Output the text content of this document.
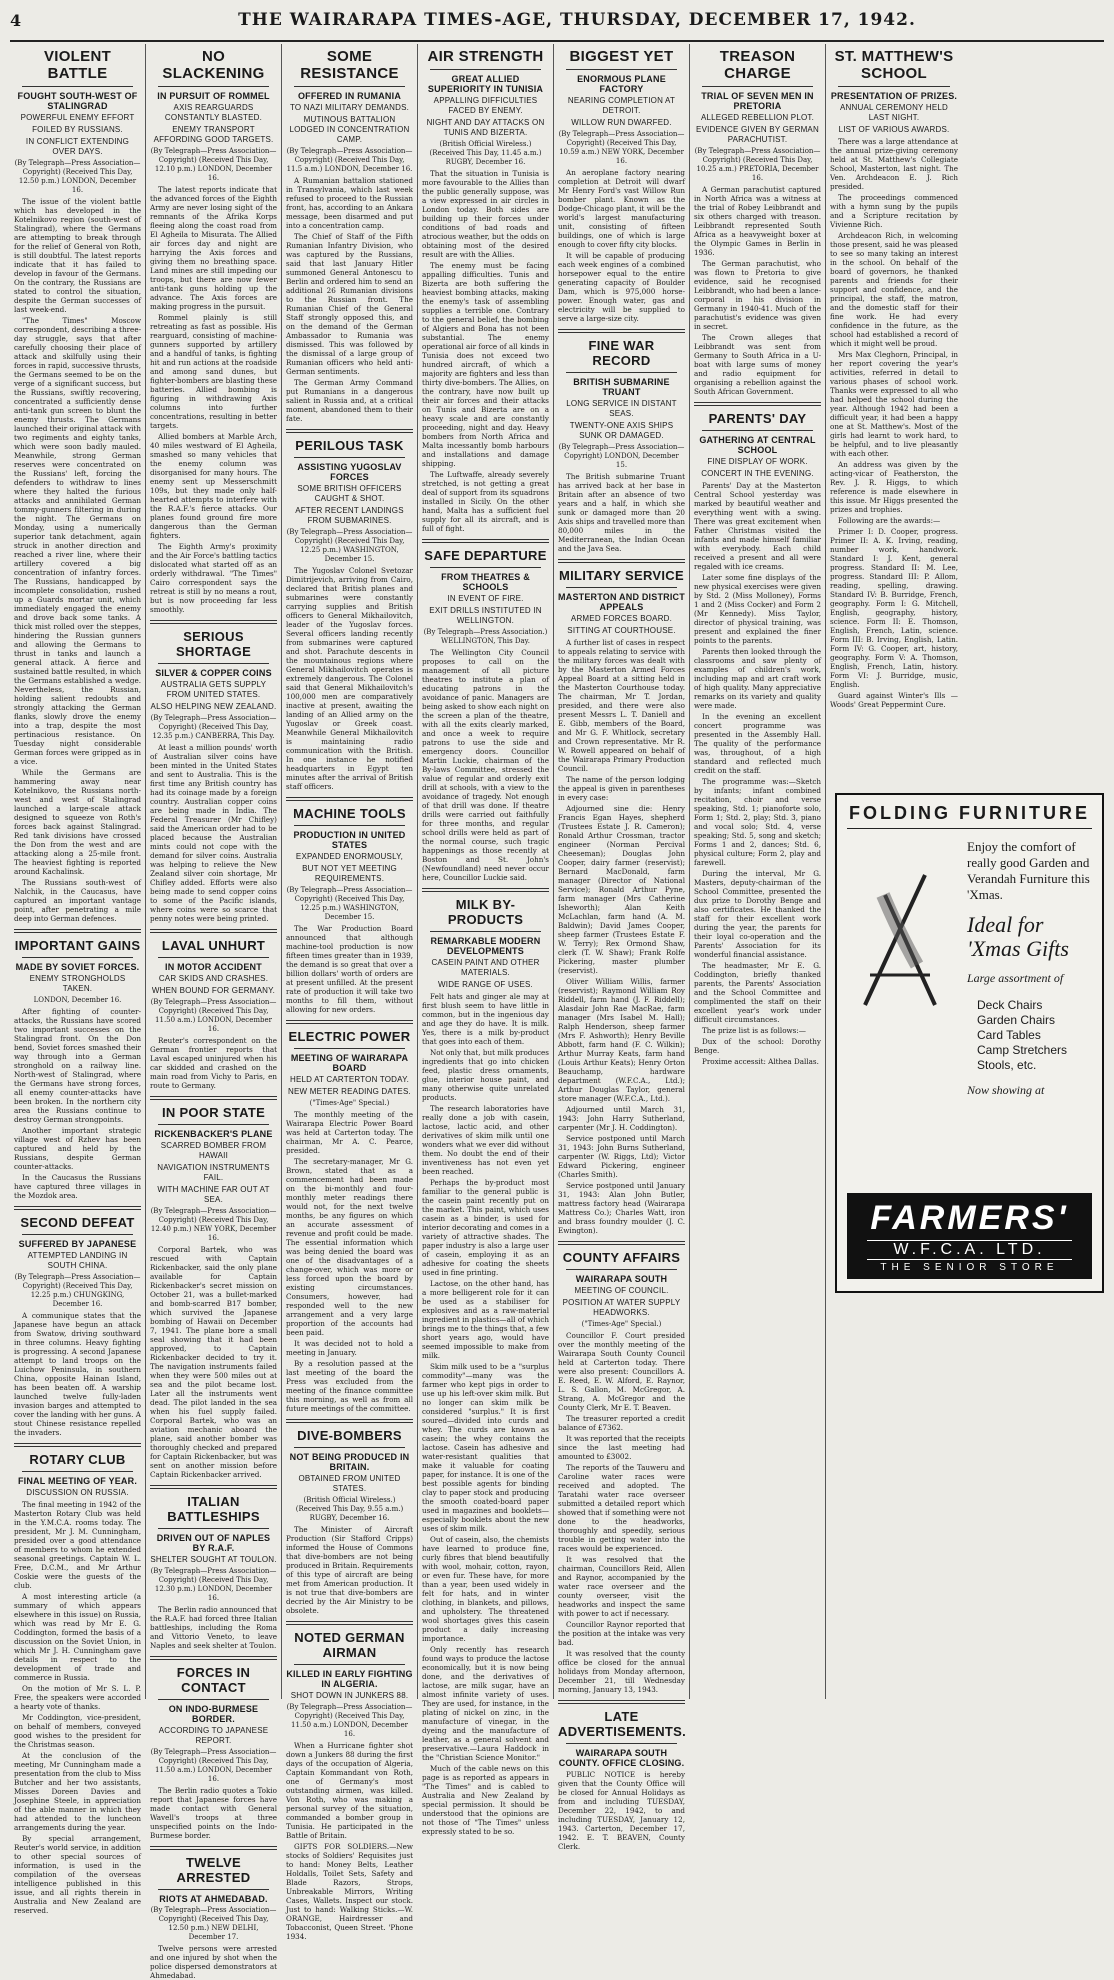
4	THE WAIRARAPA TIMES-AGE, THURSDAY, DECEMBER 17, 1942.
VIOLENT BATTLE
FOUGHT SOUTH-WEST OF STALINGRAD
POWERFUL ENEMY EFFORT
FOILED BY RUSSIANS.
IN CONFLICT EXTENDING OVER DAYS.
(By Telegraph—Press Association—Copyright) (Received This Day, 12.50 p.m.) LONDON, December 16.

The issue of the violent battle which has developed in the Kotelnikovo region (south-west of Stalingrad), where the Germans are attempting to break through for the relief of General von Roth, is still doubtful. The latest reports indicate that it has failed to develop in favour of the Germans. On the contrary, the Russians are stated to control the situation, despite the German successes of last week-end.

"The Times" Moscow correspondent, describing a three-day struggle, says that after carefully choosing their place of attack and skilfully using their forces in rapid, successive thrusts, the Germans seemed to be on the verge of a significant success, but the Russians, swiftly recovering, concentrated a sufficiently dense anti-tank gun screen to blunt the enemy thrusts. The Germans launched their original attack with two regiments and eighty tanks, which were soon badly mauled. Meanwhile, strong German reserves were concentrated on the Russians' left, forcing the defenders to withdraw to lines where they halted the furious attacks and annihilated German tommy-gunners filtering in during the night. The Germans on Monday, using a numerically superior tank detachment, again struck in another direction and reached a river line, where their artillery covered a big concentration of infantry forces. The Russians, handicapped by incomplete consolidation, rushed up a Guards mortar unit, which immediately engaged the enemy and drove back some tanks. A thick mist rolled over the steppes, hindering the Russian gunners and allowing the Germans to thrust in tanks and launch a general attack. A fierce and sustained battle resulted, in which the Germans established a wedge. Nevertheless, the Russian, holding salient redoubts and strongly attacking the German flanks, slowly drove the enemy into a trap, despite the most pertinacious resistance. On Tuesday night considerable German forces were gripped as in a vice.

While the Germans are hammering away near Kotelnikovo, the Russians north-west and west of Stalingrad launched a large-scale attack designed to squeeze von Roth's forces back against Stalingrad. Red tank divisions have crossed the Don from the west and are attacking along a 25-mile front. The heaviest fighting is reported around Kachalinsk.

The Russians south-west of Nalchik, in the Caucasus, have captured an important vantage point, after penetrating a mile deep into German defences.

IMPORTANT GAINS
MADE BY SOVIET FORCES.
ENEMY STRONGHOLDS TAKEN.
LONDON, December 16.

After fighting of counter-attacks, the Russians have scored two important successes on the Stalingrad front. On the Don bend, Soviet forces smashed their way through into a German stronghold on a railway line. North-west of Stalingrad, where the Germans have strong forces, all enemy counter-attacks have been broken. In the northern city area the Russians continue to destroy German strongpoints.

Another important strategic village west of Rzhev has been captured and held by the Russians, despite German counter-attacks.

In the Caucasus the Russians have captured three villages in the Mozdok area.

SECOND DEFEAT
SUFFERED BY JAPANESE
ATTEMPTED LANDING IN SOUTH CHINA.
(By Telegraph—Press Association—Copyright) (Received This Day, 12.25 p.m.) CHUNGKING, December 16.

A communique states that the Japanese have begun an attack from Swatow, driving southward in three columns. Heavy fighting is progressing. A second Japanese attempt to land troops on the Luichow Peninsula, in southern China, opposite Hainan Island, has been beaten off. A warship launched twelve fully-laden invasion barges and attempted to cover the landing with her guns. A stout Chinese resistance repelled the invaders.

ROTARY CLUB
FINAL MEETING OF YEAR.
DISCUSSION ON RUSSIA.

The final meeting in 1942 of the Masterton Rotary Club was held in the Y.M.C.A. rooms today. The president, Mr J. M. Cunningham, presided over a good attendance of members to whom he extended seasonal greetings. Captain W. L. Free, D.C.M., and Mr Arthur Coskie were the guests of the club.

A most interesting article (a summary of which appears elsewhere in this issue) on Russia, which was read by Mr E. G. Coddington, formed the basis of a discussion on the Soviet Union, in which Mr J. H. Cunningham gave details in respect to the development of trade and commerce in Russia.

On the motion of Mr S. L. P. Free, the speakers were accorded a hearty vote of thanks.

Mr Coddington, vice-president, on behalf of members, conveyed good wishes to the president for the Christmas season.

At the conclusion of the meeting, Mr Cunningham made a presentation from the club to Miss Butcher and her two assistants, Misses Doreen Davies and Josephine Steele, in appreciation of the able manner in which they had attended to the luncheon arrangements during the year.

By special arrangement, Reuter's world service, in addition to other special sources of information, is used in the compilation of the overseas intelligence published in this issue, and all rights therein in Australia and New Zealand are reserved.

NO SLACKENING
IN PURSUIT OF ROMMEL
AXIS REARGUARDS CONSTANTLY BLASTED.
ENEMY TRANSPORT AFFORDING GOOD TARGETS.
(By Telegraph—Press Association—Copyright) (Received This Day, 12.10 p.m.) LONDON, December 16.

The latest reports indicate that the advanced forces of the Eighth Army are never losing sight of the remnants of the Afrika Korps fleeing along the coast road from El Agheila to Misurata. The Allied air forces day and night are harrying the Axis forces and giving them no breathing space. Land mines are still impeding our troops, but there are now fewer anti-tank guns holding up the advance. The Axis forces are making progress in the pursuit.

Rommel plainly is still retreating as fast as possible. His rearguard, consisting of machine-gunners supported by artillery and a handful of tanks, is fighting hit and run actions at the roadside and among sand dunes, but fighter-bombers are blasting these batteries. Allied bombing is figuring in withdrawing Axis columns into further concentrations, resulting in better targets.

Allied bombers at Marble Arch, 40 miles westward of El Agheila, smashed so many vehicles that the enemy column was disorganised for many hours. The enemy sent up Messerschmitt 109s, but they made only half-hearted attempts to interfere with the R.A.F.'s fierce attacks. Our planes found ground fire more dangerous than the German fighters.

The Eighth Army's proximity and the Air Force's battling tactics dislocated what started off as an orderly withdrawal. "The Times" Cairo correspondent says the retreat is still by no means a rout, but is now proceeding far less smoothly.

SERIOUS SHORTAGE
SILVER & COPPER COINS
AUSTRALIA GETS SUPPLY FROM UNITED STATES.
ALSO HELPING NEW ZEALAND.
(By Telegraph—Press Association—Copyright) (Received This Day, 12.35 p.m.) CANBERRA, This Day.

At least a million pounds' worth of Australian silver coins have been minted in the United States and sent to Australia. This is the first time any British country has had its coinage made by a foreign country. Australian copper coins are being made in India. The Federal Treasurer (Mr Chifley) said the American order had to be placed because the Australian mints could not cope with the demand for silver coins. Australia was helping to relieve the New Zealand silver coin shortage, Mr Chifley added. Efforts were also being made to send copper coins to some of the Pacific islands, where coins were so scarce that penny notes were being printed.

LAVAL UNHURT
IN MOTOR ACCIDENT
CAR SKIDS AND CRASHES.
WHEN BOUND FOR GERMANY.
(By Telegraph—Press Association—Copyright) (Received This Day, 11.50 a.m.) LONDON, December 16.

Reuter's correspondent on the German frontier reports that Laval escaped uninjured when his car skidded and crashed on the main road from Vichy to Paris, en route to Germany.

IN POOR STATE
RICKENBACKER'S PLANE
SCARRED BOMBER FROM HAWAII
NAVIGATION INSTRUMENTS FAIL.
WITH MACHINE FAR OUT AT SEA.
(By Telegraph—Press Association—Copyright) (Received This Day, 12.40 p.m.) NEW YORK, December 16.

Corporal Bartek, who was rescued with Captain Rickenbacker, said the only plane available for Captain Rickenbacker's secret mission on October 21, was a bullet-marked and bomb-scarred B17 bomber, which survived the Japanese bombing of Hawaii on December 7, 1941. The plane bore a small seal showing that it had been approved, to Captain Rickenbacker decided to try it. The navigation instruments failed when they were 500 miles out at sea and the pilot became lost. Later all the instruments went dead. The pilot landed in the sea when his fuel supply failed. Corporal Bartek, who was an aviation mechanic aboard the plane, said another bomber was thoroughly checked and prepared for Captain Rickenbacker, but was sent on another mission before Captain Rickenbacker arrived.

ITALIAN BATTLESHIPS
DRIVEN OUT OF NAPLES BY R.A.F.
SHELTER SOUGHT AT TOULON.
(By Telegraph—Press Association—Copyright) (Received This Day, 12.30 p.m.) LONDON, December 16.

The Berlin radio announced that the R.A.F. had forced three Italian battleships, including the Roma and Vittorio Veneto, to leave Naples and seek shelter at Toulon.

FORCES IN CONTACT
ON INDO-BURMESE BORDER.
ACCORDING TO JAPANESE REPORT.
(By Telegraph—Press Association—Copyright) (Received This Day, 11.50 a.m.) LONDON, December 16.

The Berlin radio quotes a Tokio report that Japanese forces have made contact with General Wavell's troops at three unspecified points on the Indo-Burmese border.

TWELVE ARRESTED
RIOTS AT AHMEDABAD.
(By Telegraph—Press Association—Copyright) (Received This Day, 12.50 p.m.) NEW DELHI, December 17.

Twelve persons were arrested and one injured by shot when the police dispersed demonstrators at Ahmedabad.

SOME RESISTANCE
OFFERED IN RUMANIA
TO NAZI MILITARY DEMANDS.
MUTINOUS BATTALION LODGED IN CONCENTRATION CAMP.
(By Telegraph—Press Association—Copyright) (Received This Day, 11.5 a.m.) LONDON, December 16.

A Rumanian battalion stationed in Transylvania, which last week refused to proceed to the Russian front, has, according to an Ankara message, been disarmed and put into a concentration camp.

The Chief of Staff of the Fifth Rumanian Infantry Division, who was captured by the Russians, said that last January Hitler summoned General Antonescu to Berlin and ordered him to send an additional 26 Rumanian divisions to the Russian front. The Rumanian Chief of the General Staff strongly opposed this, and on the demand of the German Ambassador to Rumania was dismissed. This was followed by the dismissal of a large group of Rumanian officers who held anti-German sentiments.

The German Army Command put Rumanians in a dangerous salient in Russia and, at a critical moment, abandoned them to their fate.

PERILOUS TASK
ASSISTING YUGOSLAV FORCES
SOME BRITISH OFFICERS CAUGHT & SHOT.
AFTER RECENT LANDINGS FROM SUBMARINES.
(By Telegraph—Press Association—Copyright) (Received This Day, 12.25 p.m.) WASHINGTON, December 15.

The Yugoslav Colonel Svetozar Dimitrijevich, arriving from Cairo, declared that British planes and submarines were constantly carrying supplies and British officers to General Mikhailovitch, leader of the Yugoslav forces. Several officers landing recently from submarines were captured and shot. Parachute descents in the mountainous regions where General Mikhailovitch operates is extremely dangerous. The Colonel said that General Mikhailovitch's 100,000 men are comparatively inactive at present, awaiting the landing of an Allied army on the Yugoslav or Greek coast. Meanwhile General Mikhailovitch is maintaining radio communication with the British. In one instance he notified headquarters in Egypt ten minutes after the arrival of British staff officers.

MACHINE TOOLS
PRODUCTION IN UNITED STATES
EXPANDED ENORMOUSLY,
BUT NOT YET MEETING REQUIREMENTS.
(By Telegraph—Press Association—Copyright) (Received This Day, 12.25 p.m.) WASHINGTON, December 15.

The War Production Board announced that although machine-tool production is now fifteen times greater than in 1939, the demand is so great that over a billion dollars' worth of orders are at present unfilled. At the present rate of production it will take two months to fill them, without allowing for new orders.

ELECTRIC POWER
MEETING OF WAIRARAPA BOARD
HELD AT CARTERTON TODAY.
NEW METER READING DATES.
("Times-Age" Special.)

The monthly meeting of the Wairarapa Electric Power Board was held at Carterton today. The chairman, Mr A. C. Pearce, presided.

The secretary-manager, Mr G. Brown, stated that as a commencement had been made on the bi-monthly and four-monthly meter readings there would not, for the next twelve months, be any figures on which an accurate assessment of revenue and profit could be made. The essential information which was being denied the board was one of the disadvantages of a change-over, which was more or less forced upon the board by existing circumstances. Consumers, however, had responded well to the new arrangement and a very large proportion of the accounts had been paid.

It was decided not to hold a meeting in January.

By a resolution passed at the last meeting of the board the Press was excluded from the meeting of the finance committee this morning, as well as from all future meetings of the committee.

DIVE-BOMBERS
NOT BEING PRODUCED IN BRITAIN.
OBTAINED FROM UNITED STATES.
(British Official Wireless.) (Received This Day, 9.55 a.m.) RUGBY, December 16.

The Minister of Aircraft Production (Sir Stafford Cripps) informed the House of Commons that dive-bombers are not being produced in Britain. Requirements of this type of aircraft are being met from American production. It is not true that dive-bombers are decried by the Air Ministry to be obsolete.

NOTED GERMAN AIRMAN
KILLED IN EARLY FIGHTING IN ALGERIA.
SHOT DOWN IN JUNKERS 88.
(By Telegraph—Press Association—Copyright) (Received This Day, 11.50 a.m.) LONDON, December 16.

When a Hurricane fighter shot down a Junkers 88 during the first days of the occupation of Algeria, Captain Kommandant von Roth, one of Germany's most outstanding airmen, was killed. Von Roth, who was making a personal survey of the situation, commanded a bomber group in Tunisia. He participated in the Battle of Britain.

GIFTS FOR SOLDIERS.—New stocks of Soldiers' Requisites just to hand: Money Belts, Leather Holdalls, Toilet Sets, Safety and Blade Razors, Strops, Unbreakable Mirrors, Writing Cases, Wallets. Inspect our stock. Just to hand: Walking Sticks.—W. ORANGE, Hairdresser and Tobacconist, Queen Street. 'Phone 1934.

AIR STRENGTH
GREAT ALLIED SUPERIORITY IN TUNISIA
APPALLING DIFFICULTIES FACED BY ENEMY.
NIGHT AND DAY ATTACKS ON TUNIS AND BIZERTA.
(British Official Wireless.) (Received This Day, 11.45 a.m.) RUGBY, December 16.

That the situation in Tunisia is more favourable to the Allies than the public generally suppose, was a view expressed in air circles in London today. Both sides are building up their forces under conditions of bad roads and atrocious weather, but the odds on obtaining most of the desired result are with the Allies.

The enemy must be facing appalling difficulties. Tunis and Bizerta are both suffering the heaviest bombing attacks, making the enemy's task of assembling supplies a terrible one. Contrary to the general belief, the bombing of Algiers and Bona has not been substantial. The enemy operational air force of all kinds in Tunisia does not exceed two hundred aircraft, of which a majority are fighters and less than thirty dive-bombers. The Allies, on the contrary, have now built up their air forces and their attacks on Tunis and Bizerta are on a heavy scale and are constantly proceeding, night and day. Heavy bombers from North Africa and Malta incessantly bomb harbours and installations and damage shipping.

The Luftwaffe, already severely stretched, is not getting a great deal of support from its squadrons installed in Sicily. On the other hand, Malta has a sufficient fuel supply for all its aircraft, and is full of fight.

SAFE DEPARTURE
FROM THEATRES & SCHOOLS
IN EVENT OF FIRE.
EXIT DRILLS INSTITUTED IN WELLINGTON.
(By Telegraph—Press Association.) WELLINGTON, This Day.

The Wellington City Council proposes to call on the management of all picture theatres to institute a plan of educating patrons in the avoidance of panic. Managers are being asked to show each night on the screen a plan of the theatre, with all the exits clearly marked, and once a week to require patrons to use the side and emergency doors. Councillor Martin Luckie, chairman of the By-laws Committee, stressed the value of regular and orderly exit drill at schools, with a view to the avoidance of tragedy. Not enough of that drill was done. If theatre drills were carried out faithfully for three months, and regular school drills were held as part of the normal course, such tragic happenings as those recently at Boston and St. John's (Newfoundland) need never occur here, Councillor Luckie said.

MILK BY-PRODUCTS
REMARKABLE MODERN DEVELOPMENTS
CASEIN PAINT AND OTHER MATERIALS.
WIDE RANGE OF USES.

Felt hats and ginger ale may at first blush seem to have little in common, but in the ingenious day and age they do have. It is milk. Yes, there is a milk by-product that goes into each of them.

Not only that, but milk produces ingredients that go into chicken feed, plastic dress ornaments, glue, interior house paint, and many otherwise quite unrelated products.

The research laboratories have really done a job with casein, lactose, lactic acid, and other derivatives of skim milk until one wonders what we ever did without them. No doubt the end of their inventiveness has not even yet been reached.

Perhaps the by-product most familiar to the general public is the casein paint recently put on the market. This paint, which uses casein as a binder, is used for interior decorating and comes in a variety of attractive shades. The paper industry is also a large user of casein, employing it as an adhesive for coating the sheets used in fine printing.

Lactose, on the other hand, has a more belligerent role for it can be used as a stabiliser for explosives and as a raw-material ingredient in plastics—all of which brings me to the things that, a few short years ago, would have seemed impossible to make from milk.

Skim milk used to be a "surplus commodity"—many was the farmer who kept pigs in order to use up his left-over skim milk. But no longer can skim milk be considered "surplus." It is first soured—divided into curds and whey. The curds are known as casein; the whey contains the lactose. Casein has adhesive and water-resistant qualities that make it valuable for coating paper, for instance. It is one of the best possible agents for binding clay to paper stock and producing the smooth coated-board paper used in magazines and booklets—especially booklets about the new uses of skim milk.

Out of casein, also, the chemists have learned to produce fine, curly fibres that blend beautifully with wool, mohair, cotton, rayon, or even fur. These have, for more than a year, been used widely in felt for hats, and in winter clothing, in blankets, and pillows, and upholstery. The threatened wool shortages gives this casein product a daily increasing importance.

Only recently has research found ways to produce the lactose economically, but it is now being done, and the derivatives of lactose, are milk sugar, have an almost infinite variety of uses. They are used, for instance, in the plating of nickel on zinc, in the manufacture of vinegar, in the dyeing and the manufacture of leather, as a general solvent and preservative.—Laura Haddock in the "Christian Science Monitor."

Much of the cable news on this page is as reported as appears in "The Times" and is cabled to Australia and New Zealand by special permission. It should be understood that the opinions are not those of "The Times" unless expressly stated to be so.

BIGGEST YET
ENORMOUS PLANE FACTORY
NEARING COMPLETION AT DETROIT.
WILLOW RUN DWARFED.
(By Telegraph—Press Association—Copyright) (Received This Day, 10.59 a.m.) NEW YORK, December 16.

An aeroplane factory nearing completion at Detroit will dwarf Mr Henry Ford's vast Willow Run bomber plant. Known as the Dodge-Chicago plant, it will be the world's largest manufacturing unit, consisting of fifteen buildings, one of which is large enough to cover fifty city blocks.

It will be capable of producing each week engines of a combined horsepower equal to the entire generating capacity of Boulder Dam, which is 975,000 horse-power. Enough water, gas and electricity will be supplied to serve a large-size city.

FINE WAR RECORD
BRITISH SUBMARINE TRUANT
LONG SERVICE IN DISTANT SEAS.
TWENTY-ONE AXIS SHIPS SUNK OR DAMAGED.
(By Telegraph—Press Association—Copyright) LONDON, December 15.

The British submarine Truant has arrived back at her base in Britain after an absence of two years and a half, in which she sunk or damaged more than 20 Axis ships and travelled more than 80,000 miles in the Mediterranean, the Indian Ocean and the Java Sea.

MILITARY SERVICE
MASTERTON AND DISTRICT APPEALS
ARMED FORCES BOARD.
SITTING AT COURTHOUSE.

A further list of cases in respect to appeals relating to service with the military forces was dealt with by the Masterton Armed Forces Appeal Board at a sitting held in the Masterton Courthouse today. The chairman, Mr T. Jordan, presided, and there were also present Messrs L. T. Daniell and E. Gibb, members of the Board, and Mr G. F. Whitlock, secretary and Crown representative. Mr R. W. Rowell appeared on behalf of the Wairarapa Primary Production Council.

The name of the person lodging the appeal is given in parentheses in every case:

Adjourned sine die: Henry Francis Egan Hayes, shepherd (Trustees Estate J. R. Cameron); Ronald Arthur Crossman, tractor engineer (Norman Percival Cheeseman); Douglas John Cooper, dairy farmer (reservist); Bernard MacDonald, farm manager (Director of National Service); Ronald Arthur Pyne, farm manager (Mrs Catherine Isheworth); Alan Keith McLachlan, farm hand (A. M. Baldwin); David James Cooper, sheep farmer (Trustees Estate F. W. Terry); Rex Ormond Shaw, clerk (T. W. Shaw); Frank Rolfe Pickering, master plumber (reservist).

Oliver William Willis, farmer (reservist); Raymond William Roy Riddell, farm hand (J. F. Riddell); Alasdair John Rae MacRae, farm manager (Mrs Isabel M. Hall); Ralph Henderson, sheep farmer (Mrs F. Ashworth); Henry Beville Abbott, farm hand (F. C. Wilkin); Arthur Murray Keats, farm hand (Louis Arthur Keats); Henry Orton Beauchamp, hardware department (W.F.C.A., Ltd.); Arthur Douglas Taylor, general store manager (W.F.C.A., Ltd.).

Adjourned until March 31, 1943: John Harry Sutherland, carpenter (Mr J. H. Coddington).

Service postponed until March 31, 1943: John Burns Sutherland, carpenter (W. Riggs, Ltd); Victor Edward Pickering, engineer (Charles Smith).

Service postponed until January 31, 1943: Alan John Butler, mattress factory head (Wairarapa Mattress Co.); Charles Watt, iron and brass foundry moulder (J. C. Ewington).

COUNTY AFFAIRS
WAIRARAPA SOUTH
MEETING OF COUNCIL.
POSITION AT WATER SUPPLY HEADWORKS.
("Times-Age" Special.)

Councillor F. Court presided over the monthly meeting of the Wairarapa South County Council held at Carterton today. There were also present: Councillors A. E. Reed, E. W. Alford, E. Raynor, L. S. Gallon, M. McGregor, A. Strang, A. McGregor and the County Clerk, Mr E. T. Beaven.

The treasurer reported a credit balance of £7362.

It was reported that the receipts since the last meeting had amounted to £3002.

The reports of the Tauweru and Caroline water races were received and adopted. The Taratahi water race overseer submitted a detailed report which showed that if something were not done to the headworks, thoroughly and speedily, serious trouble in getting water into the races would be experienced.

It was resolved that the chairman, Councillors Reid, Allen and Raynor, accompanied by the water race overseer and the county overseer, visit the headworks and inspect the same with power to act if necessary.

Councillor Raynor reported that the position at the intake was very bad.

It was resolved that the county office be closed for the annual holidays from Monday afternoon, December 21, till Wednesday morning, January 13, 1943.

LATE ADVERTISEMENTS.
WAIRARAPA SOUTH COUNTY. OFFICE CLOSING.

PUBLIC NOTICE is hereby given that the County Office will be closed for Annual Holidays as from and including TUESDAY, December 22, 1942, to and including TUESDAY, January 12, 1943. Carterton, December 17, 1942. E. T. BEAVEN, County Clerk.

TREASON CHARGE
TRIAL OF SEVEN MEN IN PRETORIA
ALLEGED REBELLION PLOT.
EVIDENCE GIVEN BY GERMAN PARACHUTIST.
(By Telegraph—Press Association—Copyright) (Received This Day, 10.25 a.m.) PRETORIA, December 16.

A German parachutist captured in North Africa was a witness at the trial of Robey Leibbrandt and six others charged with treason. Leibbrandt represented South Africa as a heavyweight boxer at the Olympic Games in Berlin in 1936.

The German parachutist, who was flown to Pretoria to give evidence, said he recognised Leibbrandt, who had been a lance-corporal in his division in Germany in 1940-41. Much of the parachutist's evidence was given in secret.

The Crown alleges that Leibbrandt was sent from Germany to South Africa in a U-boat with large sums of money and radio equipment for organising a rebellion against the South African Government.

PARENTS' DAY
GATHERING AT CENTRAL SCHOOL
FINE DISPLAY OF WORK.
CONCERT IN THE EVENING.

Parents' Day at the Masterton Central School yesterday was marked by beautiful weather and everything went with a swing. There was great excitement when Father Christmas visited the infants and made himself familiar with everybody. Each child received a present and all were regaled with ice creams.

Later some fine displays of the new physical exercises were given by Std. 2 (Miss Molloney), Forms 1 and 2 (Miss Cocker) and Form 2 (Mr Kennedy). Miss Taylor, director of physical training, was present and explained the finer points to the parents.

Parents then looked through the classrooms and saw plenty of examples of children's work, including map and art craft work of high quality. Many appreciative remarks on its variety and quality were made.

In the evening an excellent concert programme was presented in the Assembly Hall. The quality of the performance was, throughout, of a high standard and reflected much credit on the staff.

The programme was:—Sketch by infants; infant combined recitation, choir and verse speaking, Std. 1; pianoforte solo, Form 1; Std. 2, play; Std. 3, piano and vocal solo; Std. 4, verse speaking; Std. 5, song and sketch; Forms 1 and 2, dances; Std. 6, physical culture; Form 2, play and farewell.

During the interval, Mr G. Masters, deputy-chairman of the School Committee, presented the dux prize to Dorothy Benge and also certificates. He thanked the staff for their excellent work during the year, the parents for their loyal co-operation and the Parents' Association for its wonderful financial assistance.

The headmaster, Mr E. G. Coddington, briefly thanked parents, the Parents' Association and the School Committee and complimented the staff on their excellent year's work under difficult circumstances.

The prize list is as follows:—

Dux of the school: Dorothy Benge.

Proxime accessit: Althea Dallas.

ST. MATTHEW'S SCHOOL
PRESENTATION OF PRIZES.
ANNUAL CEREMONY HELD LAST NIGHT.
LIST OF VARIOUS AWARDS.

There was a large attendance at the annual prize-giving ceremony held at St. Matthew's Collegiate School, Masterton, last night. The Ven. Archdeacon E. J. Rich presided.

The proceedings commenced with a hymn sung by the pupils and a Scripture recitation by Vivienne Rich.

Archdeacon Rich, in welcoming those present, said he was pleased to see so many taking an interest in the school. On behalf of the board of governors, he thanked parents and friends for their support and confidence, and the principal, the staff, the matron, and the domestic staff for their fine work. He had every confidence in the future, as the school had established a record of which it might well be proud.

Mrs Max Cleghorn, Principal, in her report covering the year's activities, referred in detail to various phases of school work. Thanks were expressed to all who had helped the school during the year. Although 1942 had been a difficult year, it had been a happy one at St. Matthew's. Most of the girls had learnt to work hard, to be helpful, and to live pleasantly with each other.

An address was given by the acting-vicar of Featherston, the Rev. J. R. Higgs, to which reference is made elsewhere in this issue. Mr Higgs presented the prizes and trophies.

Following are the awards:—

Primer I: D. Cooper, progress. Primer II: A. K. Irving, reading, number work, handwork. Standard I: J. Kent, general progress. Standard II: M. Lee, progress. Standard III: P. Allom, reading, spelling, drawing. Standard IV: B. Burridge, French, geography. Form I: G. Mitchell, English, geography, history, science. Form II: E. Thomson, English, French, Latin, science. Form III: B. Irving, English, Latin. Form IV: G. Cooper, art, history, geography. Form V: A. Thomson, English, French, Latin, history. Form VI: J. Burridge, music, English.

Guard against Winter's Ills — Woods' Great Peppermint Cure.

FOLDING FURNITURE
Enjoy the comfort of really good Garden and Verandah Furniture this 'Xmas.
Ideal for 'Xmas Gifts
Large assortment of
Deck Chairs
Garden Chairs
Card Tables
Camp Stretchers
Stools, etc.
Now showing at
FARMERS'
W.F.C.A. LTD.
THE SENIOR STORE
